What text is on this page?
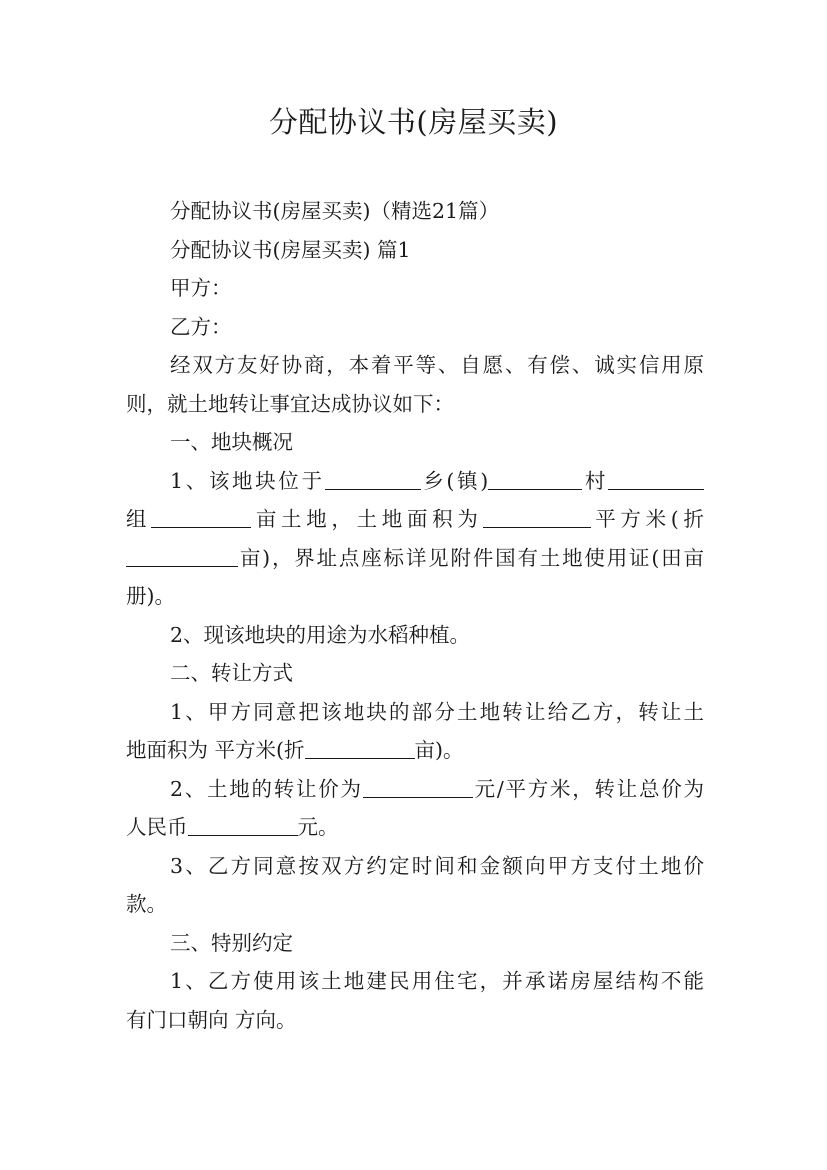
分配协议书(房屋买卖)

分配协议书(房屋买卖)（精选21篇）

分配协议书(房屋买卖) 篇1

甲方：

乙方：

经双方友好协商，本着平等、自愿、有偿、诚实信用原

则，就土地转让事宜达成协议如下：

一、地块概况

1、该地块位于	乡(镇)	村

组	亩土地，土地面积为	平方米(折

亩)，界址点座标详见附件国有土地使用证(田亩

册)。

2、现该地块的用途为水稻种植。

二、转让方式

1、甲方同意把该地块的部分土地转让给乙方，转让土

地面积为 平方米(折	亩)。

2、土地的转让价为	元/平方米，转让总价为

人民币	元。

3、乙方同意按双方约定时间和金额向甲方支付土地价

款。

三、特别约定

1、乙方使用该土地建民用住宅，并承诺房屋结构不能

有门口朝向 方向。
